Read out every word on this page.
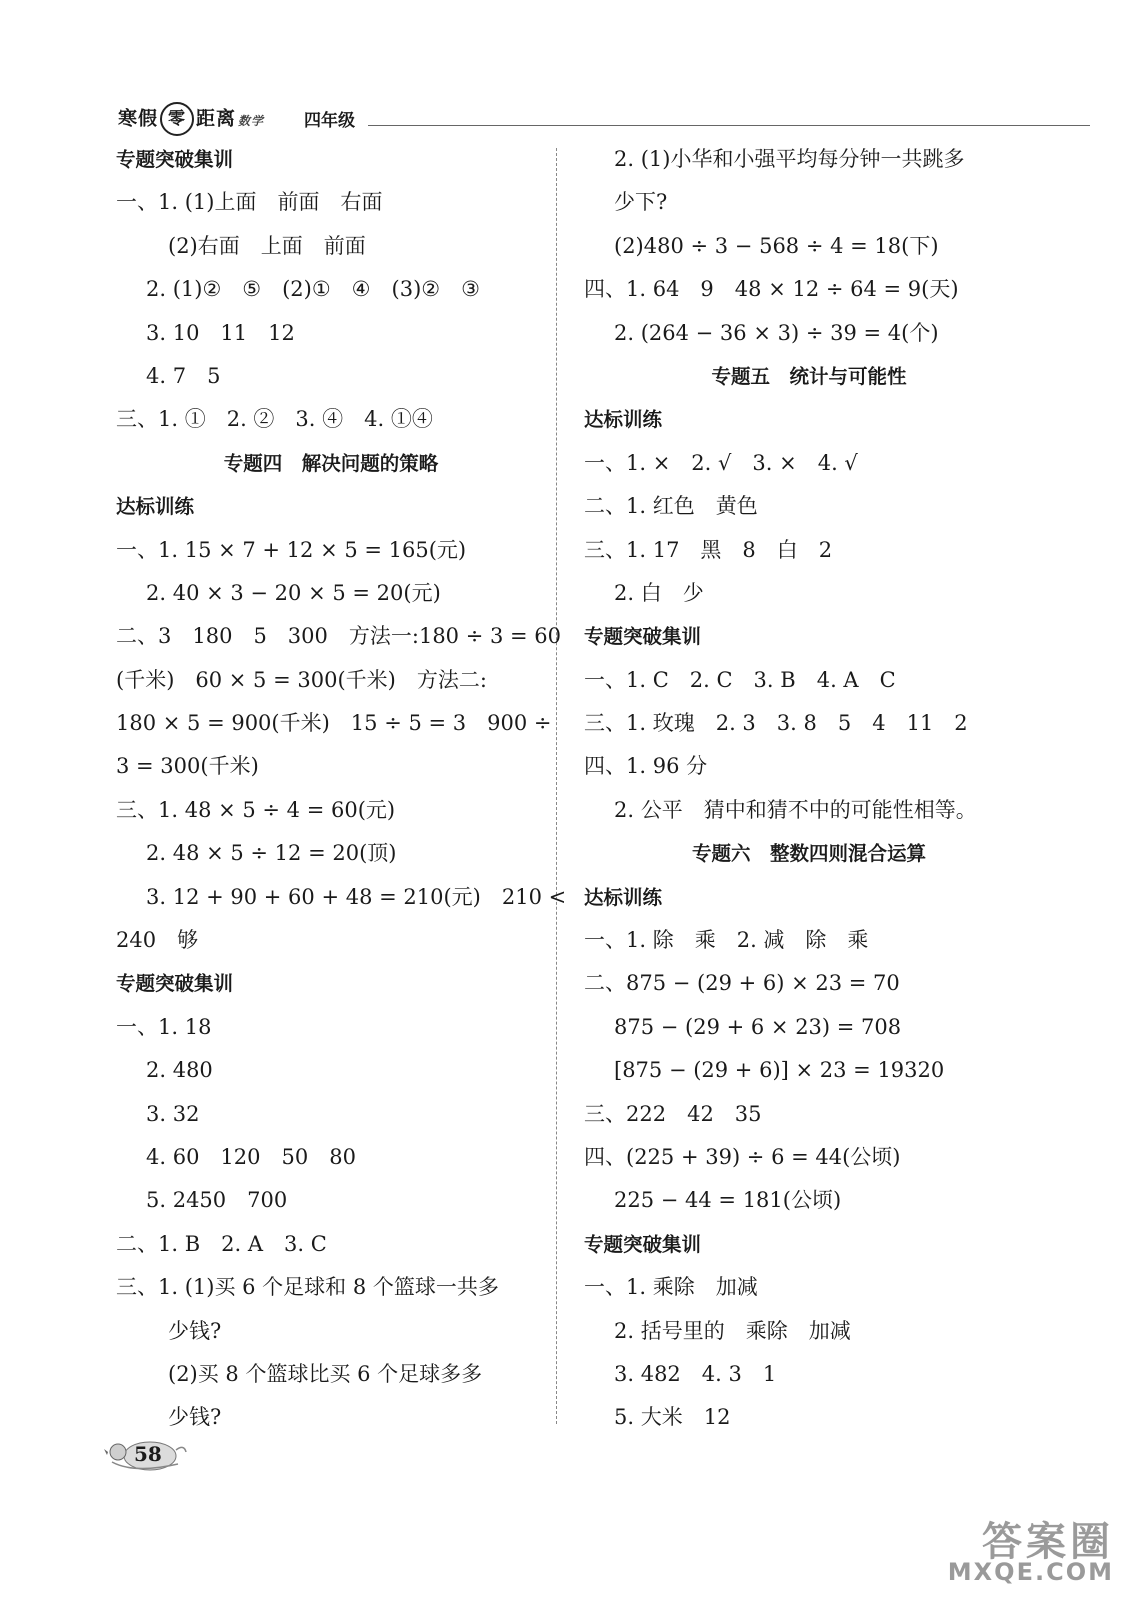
寒假 零 距离 数学 四年级
专题突破集训
一、1. (1)上面　前面　右面
(2)右面　上面　前面
2. (1)②　⑤　(2)①　④　(3)②　③
3. 10　11　12
4. 7　5
三、1. ①　2. ②　3. ④　4. ①④
专题四　解决问题的策略
达标训练
一、1. 15 × 7 + 12 × 5 = 165(元)
2. 40 × 3 − 20 × 5 = 20(元)
二、3　180　5　300　方法一:180 ÷ 3 = 60
(千米)　60 × 5 = 300(千米)　方法二:
180 × 5 = 900(千米)　15 ÷ 5 = 3　900 ÷
3 = 300(千米)
三、1. 48 × 5 ÷ 4 = 60(元)
2. 48 × 5 ÷ 12 = 20(顶)
3. 12 + 90 + 60 + 48 = 210(元)　210 <
240　够
专题突破集训
一、1. 18
2. 480
3. 32
4. 60　120　50　80
5. 2450　700
二、1. B　2. A　3. C
三、1. (1)买 6 个足球和 8 个篮球一共多
少钱?
(2)买 8 个篮球比买 6 个足球多多
少钱?
2. (1)小华和小强平均每分钟一共跳多
少下?
(2)480 ÷ 3 − 568 ÷ 4 = 18(下)
四、1. 64　9　48 × 12 ÷ 64 = 9(天)
2. (264 − 36 × 3) ÷ 39 = 4(个)
专题五　统计与可能性
达标训练
一、1. ×　2. √　3. ×　4. √
二、1. 红色　黄色
三、1. 17　黑　8　白　2
2. 白　少
专题突破集训
一、1. C　2. C　3. B　4. A　C
三、1. 玫瑰　2. 3　3. 8　5　4　11　2
四、1. 96 分
2. 公平　猜中和猜不中的可能性相等。
专题六　整数四则混合运算
达标训练
一、1. 除　乘　2. 减　除　乘
二、875 − (29 + 6) × 23 = 70
875 − (29 + 6 × 23) = 708
[875 − (29 + 6)] × 23 = 19320
三、222　42　35
四、(225 + 39) ÷ 6 = 44(公顷)
225 − 44 = 181(公顷)
专题突破集训
一、1. 乘除　加减
2. 括号里的　乘除　加减
3. 482　4. 3　1
5. 大米　12
58
答案圈
MXQE.COM
